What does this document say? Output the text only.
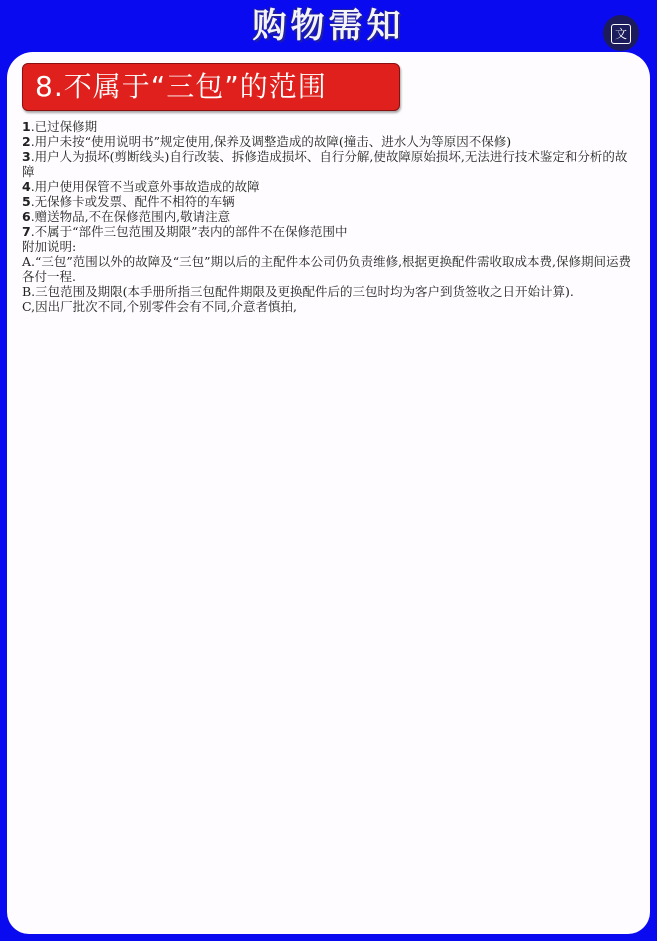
购物需知	文
8.不属于“三包”的范围

1.已过保修期

2.用户未按“使用说明书”规定使用,保养及调整造成的故障(撞击、进水人为等原因不保修)

3.用户人为损坏(剪断线头)自行改装、拆修造成损坏、自行分解,使故障原始损坏,无法进行技术鉴定和分析的故障

4.用户使用保管不当或意外事故造成的故障

5.无保修卡或发票、配件不相符的车辆

6.赠送物品,不在保修范围内,敬请注意

7.不属于“部件三包范围及期限”表内的部件不在保修范围中

附加说明:

A.“三包”范围以外的故障及“三包”期以后的主配件本公司仍负责维修,根据更换配件需收取成本费,保修期间运费各付一程.

B.三包范围及期限(本手册所指三包配件期限及更换配件后的三包时均为客户到货签收之日开始计算).

C,因出厂批次不同,个别零件会有不同,介意者慎拍,
